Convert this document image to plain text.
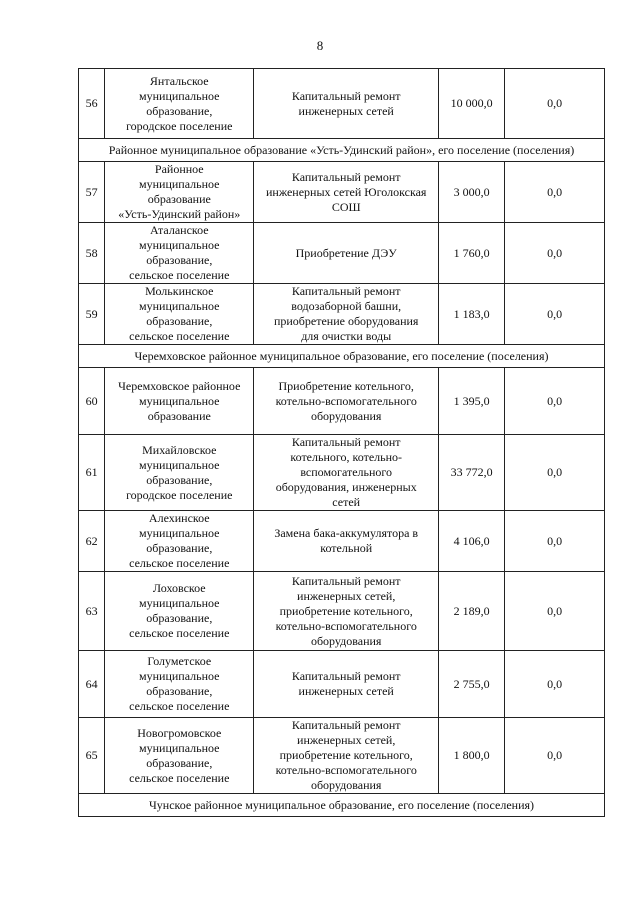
8
56	Янтальское
муниципальное
образование,
городское поселение	Капитальный ремонт
инженерных сетей	10 000,0	0,0
Районное муниципальное образование «Усть-Удинский район», его поселение (поселения)				
57	Районное
муниципальное
образование
«Усть-Удинский район»	Капитальный ремонт
инженерных сетей Юголокская
СОШ	3 000,0	0,0
58	Аталанское
муниципальное
образование,
сельское поселение	Приобретение ДЭУ	1 760,0	0,0
59	Молькинское
муниципальное
образование,
сельское поселение	Капитальный ремонт
водозаборной башни,
приобретение оборудования
для очистки воды	1 183,0	0,0
Черемховское районное муниципальное образование, его поселение (поселения)				
60	Черемховское районное
муниципальное
образование	Приобретение котельного,
котельно-вспомогательного
оборудования	1 395,0	0,0
61	Михайловское
муниципальное
образование,
городское поселение	Капитальный ремонт
котельного, котельно-
вспомогательного
оборудования, инженерных
сетей	33 772,0	0,0
62	Алехинское
муниципальное
образование,
сельское поселение	Замена бака-аккумулятора в
котельной	4 106,0	0,0
63	Лоховское
муниципальное
образование,
сельское поселение	Капитальный ремонт
инженерных сетей,
приобретение котельного,
котельно-вспомогательного
оборудования	2 189,0	0,0
64	Голуметское
муниципальное
образование,
сельское поселение	Капитальный ремонт
инженерных сетей	2 755,0	0,0
65	Новогромовское
муниципальное
образование,
сельское поселение	Капитальный ремонт
инженерных сетей,
приобретение котельного,
котельно-вспомогательного
оборудования	1 800,0	0,0
Чунское районное муниципальное образование, его поселение (поселения)				
